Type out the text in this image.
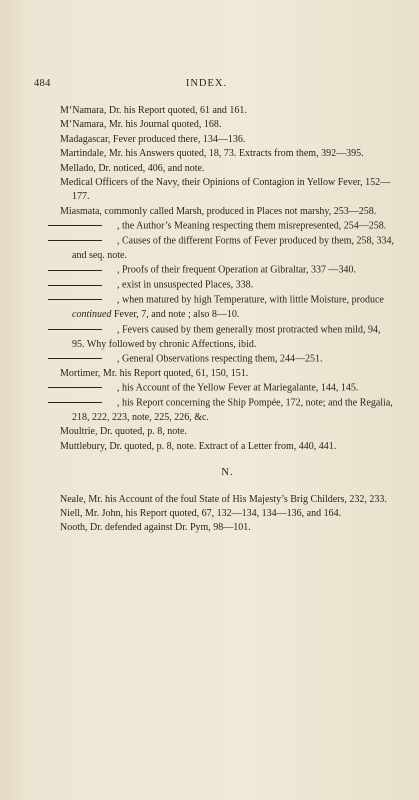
484	INDEX.

M‘Namara, Dr. his Report quoted, 61 and 161.

M‘Namara, Mr. his Journal quoted, 168.

Madagascar, Fever produced there, 134—136.

Martindale, Mr. his Answers quoted, 18, 73. Extracts from them, 392—395.

Mellado, Dr. noticed, 406, and note.

Medical Officers of the Navy, their Opinions of Contagion in Yellow Fever, 152—177.

Miasmata, commonly called Marsh, produced in Places not marshy, 253—258.

, the Author’s Meaning respecting them misrepresented, 254—258.

, Causes of the different Forms of Fever produced by them, 258, 334, and seq. note.

, Proofs of their frequent Operation at Gibraltar, 337 —340.

, exist in unsuspected Places, 338.

, when matured by high Temperature, with little Moisture, produce continued Fever, 7, and note ; also 8—10.

, Fevers caused by them generally most protracted when mild, 94, 95. Why followed by chronic Affections, ibid.

, General Observations respecting them, 244—251.

Mortimer, Mr. his Report quoted, 61, 150, 151.

, his Account of the Yellow Fever at Mariegalante, 144, 145.

, his Report concerning the Ship Pompée, 172, note; and the Regalia, 218, 222, 223, note, 225, 226, &c.

Moultrie, Dr. quoted, p. 8, note.

Muttlebury, Dr. quoted, p. 8, note. Extract of a Letter from, 440, 441.

N.

Neale, Mr. his Account of the foul State of His Majesty’s Brig Childers, 232, 233.

Niell, Mr. John, his Report quoted, 67, 132—134, 134—136, and 164.

Nooth, Dr. defended against Dr. Pym, 98—101.
